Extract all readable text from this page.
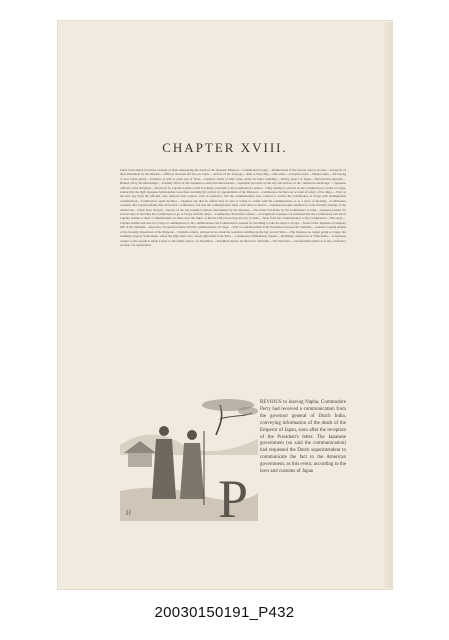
CHAPTER XVIII.
Letter from Dutch Governor General of India announcing the death of the Japanese Emperor.—Commodore's reply.—Enumeration of the several objects in view.—Prospects of their attainment by the mission.—Officers and men left in Lew Chew.—Arrival of the Saratoga.—Run to Yedo Bay.—Oho-sima.—Cleopatra Isles.—Mijako-sima.—All belong to Lew Chew group.—Entrance of gulf or outer bay of Yedo.—Japanese charts of little value, made for mere sounding.—Wintry aspect of Japan.—Macedonian aground.—Hauled off by the Mississippi.—Friendly offers of the Japanese to assist the Macedonian.—Squadron proceeds up the bay and anchors at the "American anchorage."—Japanese officials come alongside.—Received by Captain Adams on the Powhatan, pursuant to the Commodore's orders.—They attempt to prevail on the Commodore to return to Uraga, stating that the high Japanese functionaries were there awaiting his arrival, by appointment of the Emperor.—Commodore declines on account of safety of the ships.—Visit on the next day from the officials, who reiterate their request, with an assurance, that the commissioners were ordered to receive the Commodore at Uraga with distinguished consideration.—Commodore again declines.—Japanese ask that an officer may be sent to Uraga to confer with the commissioners as to a place of meeting.—Commodore consents that Captain Adams may hold such a conference, but that the commissioners must come there to hold it.—Japanese become alarmed as to the friendly feelings of the Americans.—Their fears allayed.—Survey of the bay resumed without interruption by the Japanese.—Our boats forbidden by the Commodore to land.—Japanese ponder for several days in devising the Commodore to go to Uraga with the ships.—Commodore invariably refuses.—At length the Japanese are informed that the Commodore will allow Captain Adams to meet a commissioner on shore near the ships, or that he will proceed up the bay to Yedo.—Note from the commissioners to the Commodore.—His reply.—Captain Adams sent down to Uraga to communicate to the commissioners the Commodore's reasons for declining to take the ships to Uraga.—Scene of the Japanese accompany him in the Vandalia.—Interview of Captain Adams with the commissioners at Uraga.—Visit to Captain Adams from Yezaimon on board the Vandalia.—Assures Captain Adams of the friendly disposition of the Emperor.—Vandalia returns, and perceives about the squadron standing up the bay toward Yedo.—The Japanese no longer going to Uraga, but suddenly propose Yoku-hama, where the ships then were, about eight miles from Yedo.—Commodore immediately assents.—Buildings constructed at Yoku-hama.—A Japanese courier to the squadron sends a letter to his family ashore, by Yezaimon.—Yezaimon desires an interview with him.—The interview.—Ceremonials settled as to the conference on shore for negotiation.
P
H
REVIOUS to leaving Napha, Commodore Perry had received a communication from the governor general of Dutch India, conveying information of the death of the Emperor of Japan, soon after the reception of the President's letter. The Japanese government (so said the communication) had requested the Dutch superintendent to communicate the fact to the American government, as this event, according to the laws and customs of Japan
20030150191_P432
